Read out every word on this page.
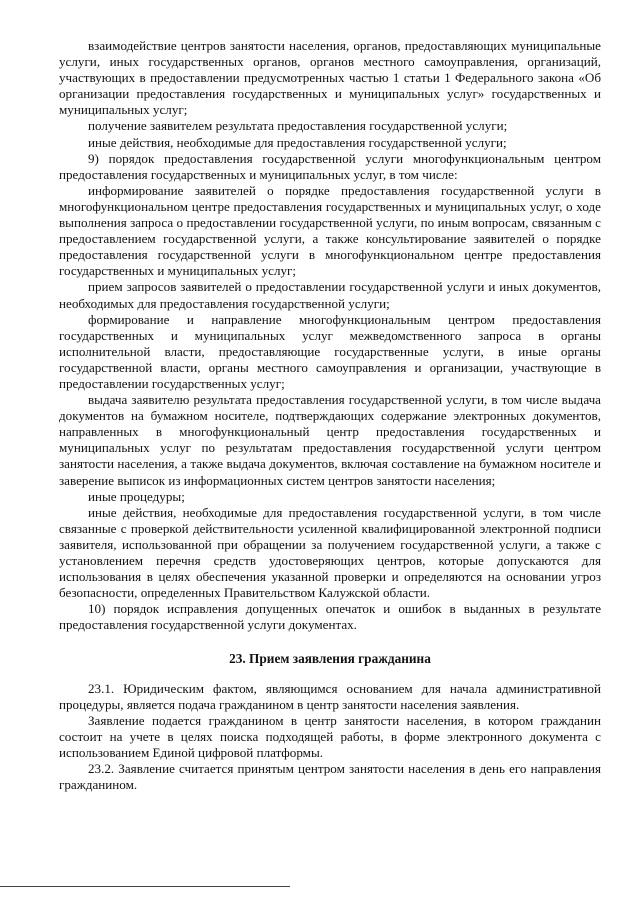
взаимодействие центров занятости населения, органов, предоставляющих муниципальные услуги, иных государственных органов, органов местного самоуправления, организаций, участвующих в предоставлении предусмотренных частью 1 статьи 1 Федерального закона «Об организации предоставления государственных и муниципальных услуг» государственных и муниципальных услуг;

получение заявителем результата предоставления государственной услуги;

иные действия, необходимые для предоставления государственной услуги;

9) порядок предоставления государственной услуги многофункциональным центром предоставления государственных и муниципальных услуг, в том числе:

информирование заявителей о порядке предоставления государственной услуги в многофункциональном центре предоставления государственных и муниципальных услуг, о ходе выполнения запроса о предоставлении государственной услуги, по иным вопросам, связанным с предоставлением государственной услуги, а также консультирование заявителей о порядке предоставления государственной услуги в многофункциональном центре предоставления государственных и муниципальных услуг;

прием запросов заявителей о предоставлении государственной услуги и иных документов, необходимых для предоставления государственной услуги;

формирование и направление многофункциональным центром предоставления государственных и муниципальных услуг межведомственного запроса в органы исполнительной власти, предоставляющие государственные услуги, в иные органы государственной власти, органы местного самоуправления и организации, участвующие в предоставлении государственных услуг;

выдача заявителю результата предоставления государственной услуги, в том числе выдача документов на бумажном носителе, подтверждающих содержание электронных документов, направленных в многофункциональный центр предоставления государственных и муниципальных услуг по результатам предоставления государственной услуги центром занятости населения, а также выдача документов, включая составление на бумажном носителе и заверение выписок из информационных систем центров занятости населения;

иные процедуры;

иные действия, необходимые для предоставления государственной услуги, в том числе связанные с проверкой действительности усиленной квалифицированной электронной подписи заявителя, использованной при обращении за получением государственной услуги, а также с установлением перечня средств удостоверяющих центров, которые допускаются для использования в целях обеспечения указанной проверки и определяются на основании угроз безопасности, определенных Правительством Калужской области.

10) порядок исправления допущенных опечаток и ошибок в выданных в результате предоставления государственной услуги документах.

23. Прием заявления гражданина

23.1. Юридическим фактом, являющимся основанием для начала административной процедуры, является подача гражданином в центр занятости населения заявления.

Заявление подается гражданином в центр занятости населения, в котором гражданин состоит на учете в целях поиска подходящей работы, в форме электронного документа с использованием Единой цифровой платформы.

23.2. Заявление считается принятым центром занятости населения в день его направления гражданином.
